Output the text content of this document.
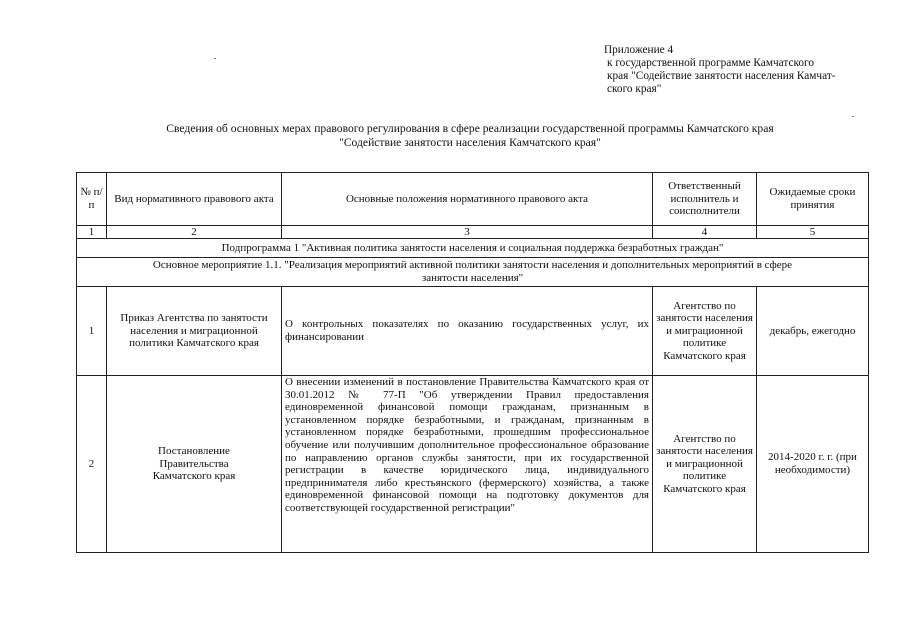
Приложение 4
к государственной программе Камчатского
края "Содействие занятости населения Камчат-
ского края"
Сведения об основных мерах правового регулирования в сфере реализации государственной программы Камчатского края
"Содействие занятости населения Камчатского края"
№ п/п	Вид нормативного правового акта	Основные положения нормативного правового акта	Ответственный исполнитель и соисполнители	Ожидаемые сроки принятия
1	2	3	4	5
Подпрограмма 1 "Активная политика занятости населения и социальная поддержка безработных граждан"				
Основное мероприятие 1.1. "Реализация мероприятий активной политики занятости населения и дополнительных мероприятий в сфере занятости населения"				
1	Приказ Агентства по занятости населения и миграционной политики Камчатского края	О контрольных показателях по оказанию государственных услуг, их финансировании	Агентство по занятости населения и миграционной политике Камчатского края	декабрь, ежегодно
2	Постановление Правительства Камчатского края	О внесении изменений в постановление Правительства Камчатского края от 30.01.2012 № 77-П "Об утверждении Правил предоставления единовременной финансовой помощи гражданам, признанным в установленном порядке безработными, и гражданам, признанным в установленном порядке безработными, прошедшим профессиональное обучение или получившим дополнительное профессиональное образование по направлению органов службы занятости, при их государственной регистрации в качестве юридического лица, индивидуального предпринимателя либо крестьянского (фермерского) хозяйства, а также единовременной финансовой помощи на подготовку документов для соответствующей государственной регистрации"	Агентство по занятости населения и миграционной политике Камчатского края	2014-2020 г. г. (при необходимости)
